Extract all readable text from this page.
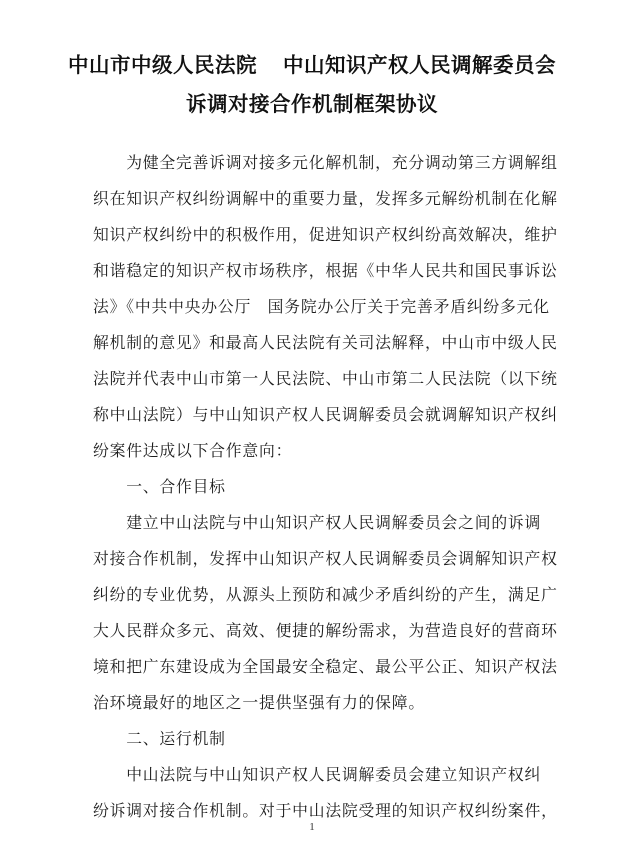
中山市中级人民法院 中山知识产权人民调解委员会
诉调对接合作机制框架协议
　　为健全完善诉调对接多元化解机制，充分调动第三方调解组
织在知识产权纠纷调解中的重要力量，发挥多元解纷机制在化解
知识产权纠纷中的积极作用，促进知识产权纠纷高效解决，维护
和谐稳定的知识产权市场秩序，根据《中华人民共和国民事诉讼
法》《中共中央办公厅　国务院办公厅关于完善矛盾纠纷多元化
解机制的意见》和最高人民法院有关司法解释，中山市中级人民
法院并代表中山市第一人民法院、中山市第二人民法院（以下统
称中山法院）与中山知识产权人民调解委员会就调解知识产权纠
纷案件达成以下合作意向：
　　一、合作目标
　　建立中山法院与中山知识产权人民调解委员会之间的诉调
对接合作机制，发挥中山知识产权人民调解委员会调解知识产权
纠纷的专业优势，从源头上预防和减少矛盾纠纷的产生，满足广
大人民群众多元、高效、便捷的解纷需求，为营造良好的营商环
境和把广东建设成为全国最安全稳定、最公平公正、知识产权法
治环境最好的地区之一提供坚强有力的保障。
　　二、运行机制
　　中山法院与中山知识产权人民调解委员会建立知识产权纠
纷诉调对接合作机制。对于中山法院受理的知识产权纠纷案件，
1
